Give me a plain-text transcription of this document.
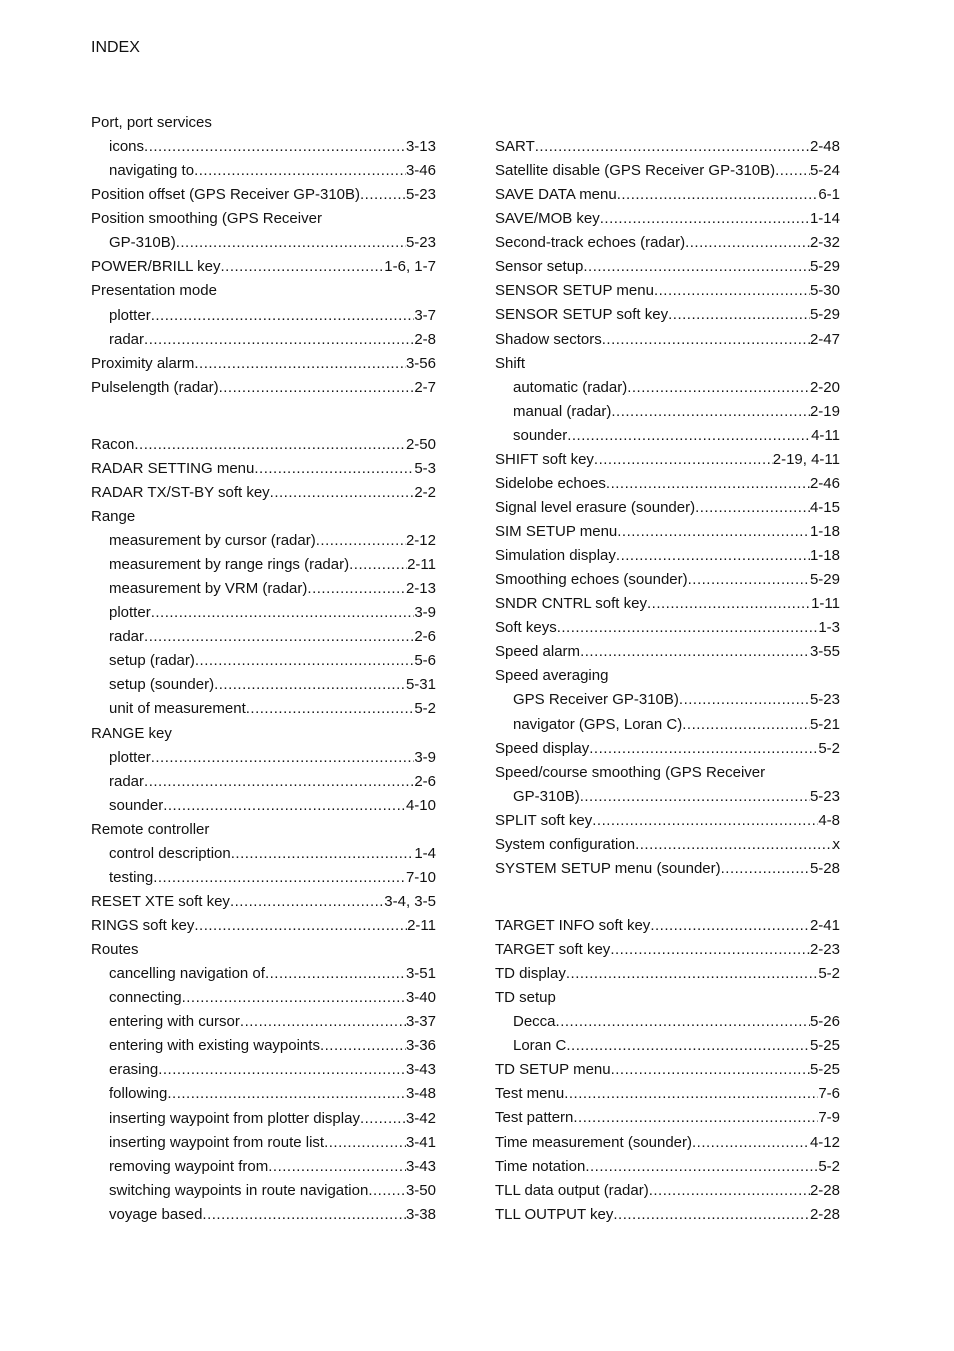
INDEX
Port, port services
icons .....	3-13
navigating to .....	3-46
Position offset (GPS Receiver GP-310B) .....	5-23
Position smoothing (GPS Receiver
GP-310B) .....	5-23
POWER/BRILL key .....	1-6, 1-7
Presentation mode
plotter .....	3-7
radar .....	2-8
Proximity alarm .....	3-56
Pulselength (radar) .....	2-7
Racon .....	2-50
RADAR SETTING menu .....	5-3
RADAR TX/ST-BY soft key .....	2-2
Range
measurement by cursor (radar) .....	2-12
measurement by range rings (radar) .....	2-11
measurement by VRM (radar) .....	2-13
plotter .....	3-9
radar .....	2-6
setup (radar) .....	5-6
setup (sounder) .....	5-31
unit of measurement .....	5-2
RANGE key
plotter .....	3-9
radar .....	2-6
sounder .....	4-10
Remote controller
control description .....	1-4
testing .....	7-10
RESET XTE soft key .....	3-4, 3-5
RINGS soft key .....	2-11
Routes
cancelling navigation of .....	3-51
connecting .....	3-40
entering with cursor .....	3-37
entering with existing waypoints .....	3-36
erasing .....	3-43
following .....	3-48
inserting waypoint from plotter display .....	3-42
inserting waypoint from route list .....	3-41
removing waypoint from .....	3-43
switching waypoints in route navigation .....	3-50
voyage based .....	3-38
SART .....	2-48
Satellite disable (GPS Receiver GP-310B) ..... 5-24
SAVE DATA menu .....	6-1
SAVE/MOB key .....	1-14
Second-track echoes (radar) .....	2-32
Sensor setup .....	5-29
SENSOR SETUP menu .....	5-30
SENSOR SETUP soft key .....	5-29
Shadow sectors .....	2-47
Shift
automatic (radar) .....	2-20
manual (radar) .....	2-19
sounder .....	4-11
SHIFT soft key .....	2-19, 4-11
Sidelobe echoes .....	2-46
Signal level erasure (sounder) .....	4-15
SIM SETUP menu .....	1-18
Simulation display .....	1-18
Smoothing echoes (sounder) .....	5-29
SNDR CNTRL soft key .....	1-11
Soft keys .....	1-3
Speed alarm .....	3-55
Speed averaging
GPS Receiver GP-310B) .....	5-23
navigator (GPS, Loran C) .....	5-21
Speed display .....	5-2
Speed/course smoothing (GPS Receiver
GP-310B) .....	5-23
SPLIT soft key .....	4-8
System configuration .....	x
SYSTEM SETUP menu (sounder) .....	5-28
TARGET INFO soft key .....	2-41
TARGET soft key .....	2-23
TD display .....	5-2
TD setup
Decca .....	5-26
Loran C .....	5-25
TD SETUP menu .....	5-25
Test menu .....	7-6
Test pattern .....	7-9
Time measurement (sounder) .....	4-12
Time notation .....	5-2
TLL data output (radar) .....	2-28
TLL OUTPUT key .....	2-28
